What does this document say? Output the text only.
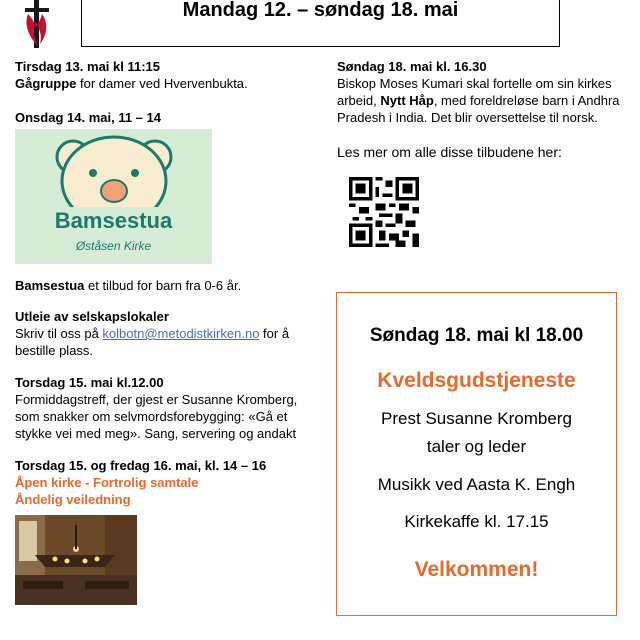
Mandag 12. – søndag 18. mai
Tirsdag 13. mai kl 11:15
Gågruppe for damer ved Hvervenbukta.
Onsdag 14. mai, 11 – 14
Bamsestua
Øståsen Kirke
Bamsestua et tilbud for barn fra 0-6 år.
Utleie av selskapslokaler
Skriv til oss på kolbotn@metodistkirken.no for å bestille plass.
Torsdag 15. mai kl.12.00
Formiddagstreff, der gjest er Susanne Kromberg, som snakker om selvmordsforebygging: «Gå et stykke vei med meg». Sang, servering og andakt
Torsdag 15. og fredag 16. mai, kl. 14 – 16
Åpen kirke - Fortrolig samtale
Åndelig veiledning
Søndag 18. mai kl. 16.30
Biskop Moses Kumari skal fortelle om sin kirkes arbeid, Nytt Håp, med foreldreløse barn i Andhra Pradesh i India. Det blir oversettelse til norsk.
Les mer om alle disse tilbudene her:
Søndag 18. mai kl 18.00
Kveldsgudstjeneste
Prest Susanne Kromberg
taler og leder
Musikk ved Aasta K. Engh
Kirkekaffe kl. 17.15
Velkommen!
